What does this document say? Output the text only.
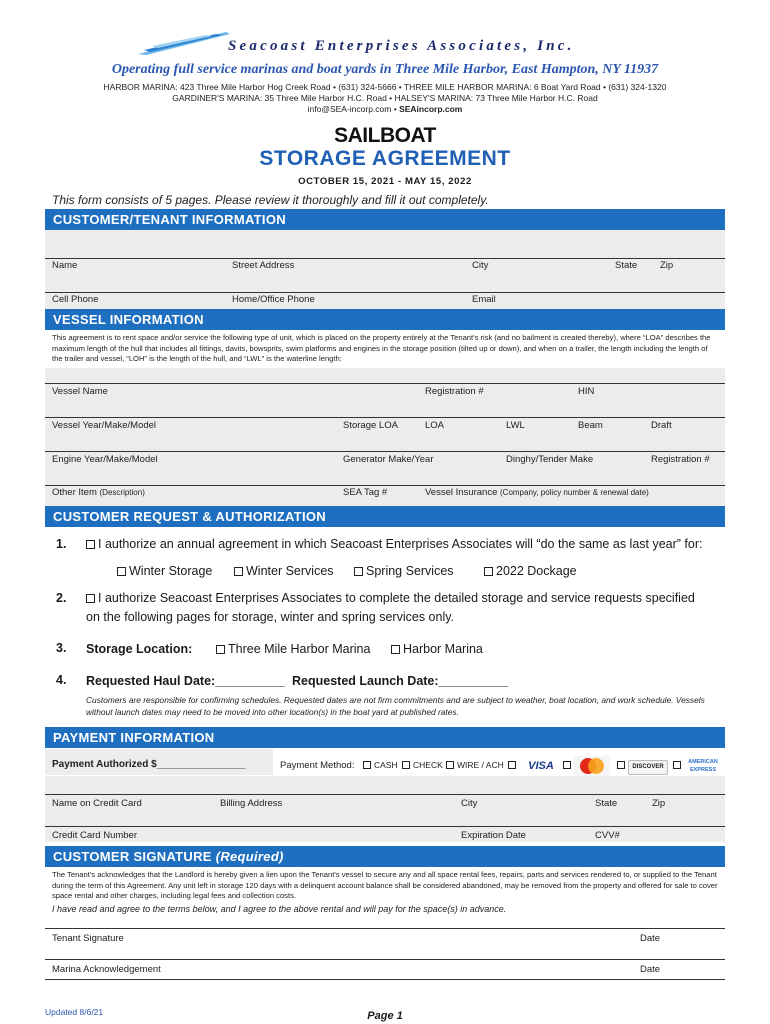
Seacoast Enterprises Associates, Inc.
Operating full service marinas and boat yards in Three Mile Harbor, East Hampton, NY 11937
HARBOR MARINA: 423 Three Mile Harbor Hog Creek Road • (631) 324-5666 • THREE MILE HARBOR MARINA: 6 Boat Yard Road • (631) 324-1320
GARDINER'S MARINA: 35 Three Mile Harbor H.C. Road • HALSEY'S MARINA: 73 Three Mile Harbor H.C. Road
info@SEA-incorp.com • SEAincorp.com
SAILBOAT
STORAGE AGREEMENT
OCTOBER 15, 2021 - MAY 15, 2022
This form consists of 5 pages. Please review it thoroughly and fill it out completely.
CUSTOMER/TENANT INFORMATION
Name	Street Address	City	State Zip
Cell Phone	Home/Office Phone	Email
VESSEL INFORMATION
This agreement is to rent space and/or service the following type of unit, which is placed on the property entirely at the Tenant's risk (and no bailment is created thereby), where “LOA” describes the maximum length of the hull that includes all fittings, davits, bowsprits, swim platforms and engines in the storage position (tilted up or down), and when on a trailer, the length including the length of the trailer and vessel, “LOH” is the length of the hull, and “LWL” is the waterline length:
Vessel Name	Registration #	HIN
Vessel Year/Make/Model	Storage LOA	LOA	LWL	Beam	Draft
Engine Year/Make/Model	Generator Make/Year	Dinghy/Tender Make	Registration #
Other Item (Description)	SEA Tag #	Vessel Insurance (Company, policy number & renewal date)
CUSTOMER REQUEST & AUTHORIZATION
1.	I authorize an annual agreement in which Seacoast Enterprises Associates will “do the same as last year” for:
Winter Storage	Winter Services	Spring Services	2022 Dockage
2.	I authorize Seacoast Enterprises Associates to complete the detailed storage and service requests specified
on the following pages for storage, winter and spring services only.
3. Storage Location:	Three Mile Harbor Marina	Harbor Marina
4. Requested Haul Date:__________ Requested Launch Date:__________
Customers are responsible for confirming schedules. Requested dates are not firm commitments and are subject to weather, boat location, and work schedule. Vessels without launch dates may need to be moved into other location(s) in the boat yard at published rates.
PAYMENT INFORMATION
Payment Authorized $________________	Payment Method:	CASH	CHECK	WIRE / ACH	VISA	DISCOVER
AMERICAN EXPRESS
Name on Credit Card	Billing Address	City	State	Zip
Credit Card Number	Expiration Date	CVV#
CUSTOMER SIGNATURE (Required)
The Tenant's acknowledges that the Landlord is hereby given a lien upon the Tenant's vessel to secure any and all space rental fees, repairs, parts and services rendered to, or supplied to the Tenant during the term of this Agreement. Any unit left in storage 120 days with a delinquent account balance shall be considered abandoned, may be removed from the property and offered for sale to cover space rental and other charges, including legal fees and collection costs.
I have read and agree to the terms below, and I agree to the above rental and will pay for the space(s) in advance.
Tenant Signature	Date
Marina Acknowledgement	Date
Updated 8/6/21	Page 1
